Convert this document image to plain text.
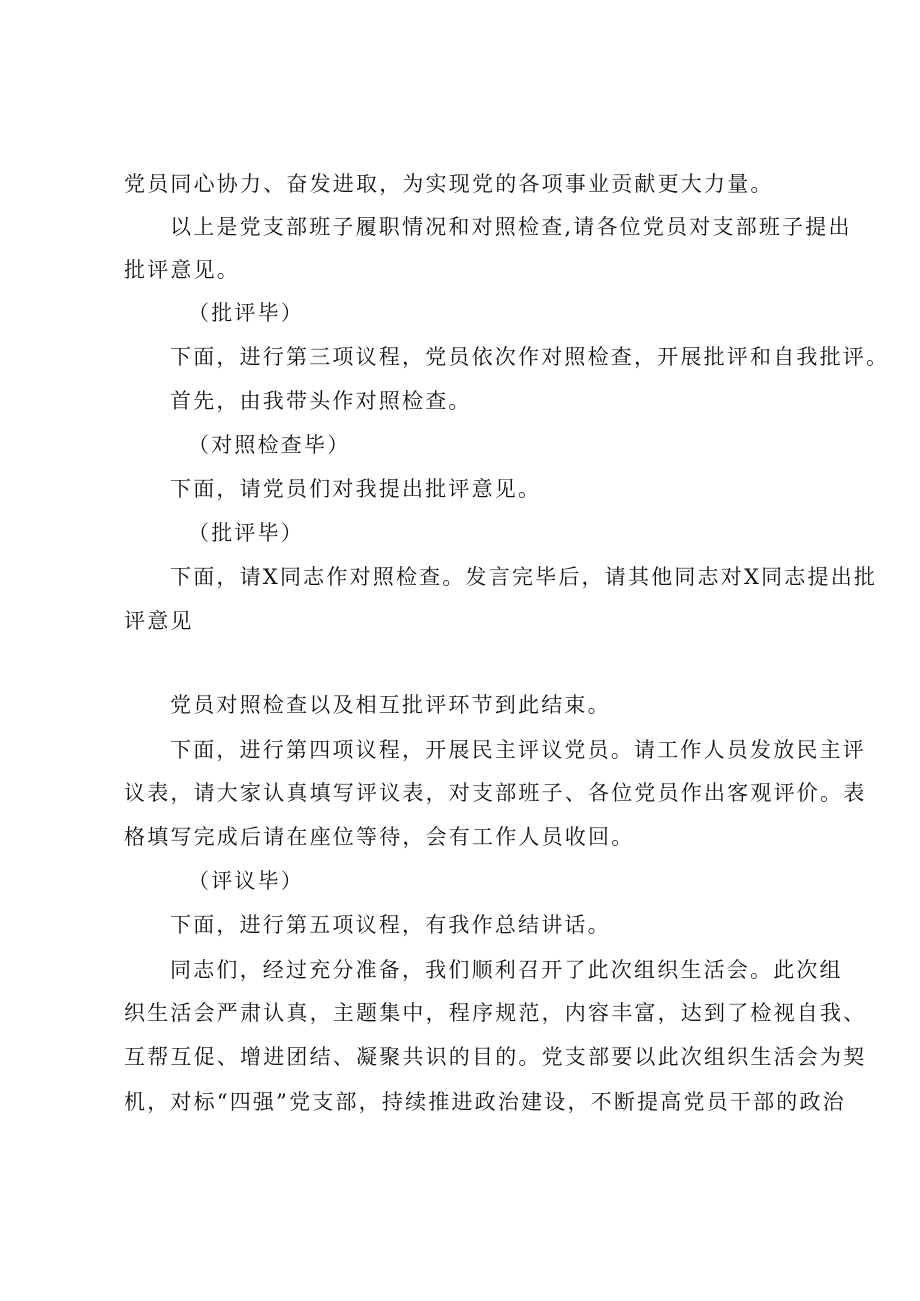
党员同心协力、奋发进取，为实现党的各项事业贡献更大力量。
以上是党支部班子履职情况和对照检查,请各位党员对支部班子提出
批评意见。
（批评毕）
下面，进行第三项议程，党员依次作对照检查，开展批评和自我批评。
首先，由我带头作对照检查。
（对照检查毕）
下面，请党员们对我提出批评意见。
（批评毕）
下面，请X同志作对照检查。发言完毕后，请其他同志对X同志提出批
评意见
党员对照检查以及相互批评环节到此结束。
下面，进行第四项议程，开展民主评议党员。请工作人员发放民主评
议表，请大家认真填写评议表，对支部班子、各位党员作出客观评价。表
格填写完成后请在座位等待，会有工作人员收回。
（评议毕）
下面，进行第五项议程，有我作总结讲话。
同志们，经过充分准备，我们顺利召开了此次组织生活会。此次组
织生活会严肃认真，主题集中，程序规范，内容丰富，达到了检视自我、
互帮互促、增进团结、凝聚共识的目的。党支部要以此次组织生活会为契
机，对标“四强”党支部，持续推进政治建设，不断提高党员干部的政治
